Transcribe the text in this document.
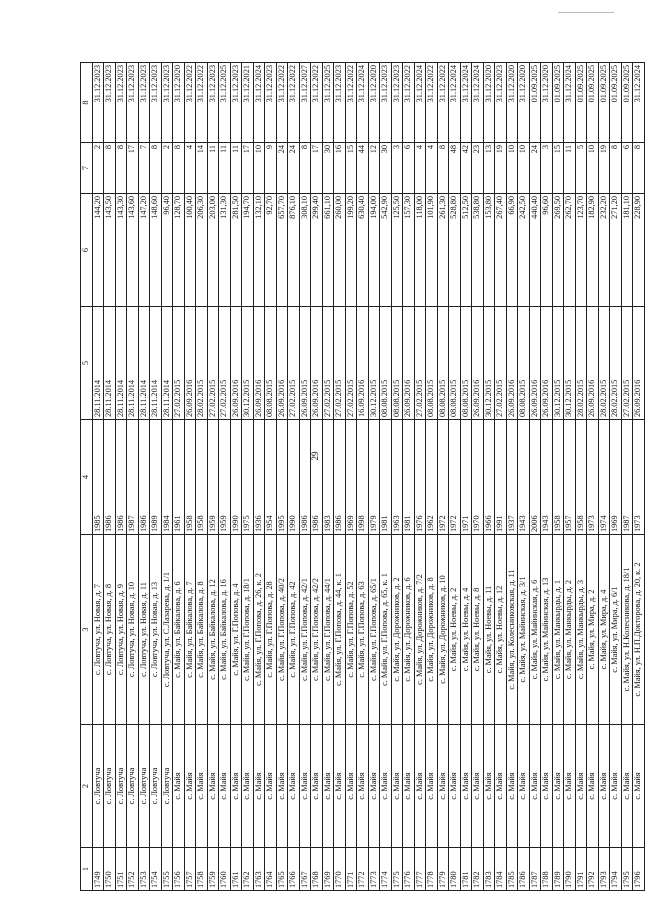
29
1	2	3	4	5	6	7	8
1749	с. Ловтуча	с. Ловтуча, ул. Новая, д. 7	1985	28.11.2014	144,20	2	31.12.2023
1750	с. Ловтуча	с. Ловтуча, ул. Новая, д. 8	1986	28.11.2014	143,50	8	31.12.2023
1751	с. Ловтуча	с. Ловтуча, ул. Новая, д. 9	1986	28.11.2014	143,30	8	31.12.2023
1752	с. Ловтуча	с. Ловтуча, ул. Новая, д. 10	1987	28.11.2014	143,60	17	31.12.2023
1753	с. Ловтуча	с. Ловтуча, ул. Новая, д. 11	1986	28.11.2014	147,20	7	31.12.2023
1754	с. Ловтуча	с. Ловтуча, ул. Новая, д. 13	1989	28.11.2014	148,60	8	31.12.2023
1755	с. Ловтуча	с. Ловтуча, ул. С.Лазарева, д. 1/1	1984	28.11.2014	96,40	2	31.12.2023
1756	с. Майя	с. Майя, ул. Байкалова, д. 6	1961	27.02.2015	128,70	8	31.12.2020
1757	с. Майя	с. Майя, ул. Байкалова, д. 7	1958	26.09.2016	100,40	4	31.12.2022
1758	с. Майя	с. Майя, ул. Байкалова, д. 8	1958	28.02.2015	206,30	14	31.12.2022
1759	с. Майя	с. Майя, ул. Байкалова, д. 12	1959	27.02.2015	203,00	11	31.12.2023
1760	с. Майя	с. Майя, ул. Байкалова, д. 16	1959	27.02.2015	131,30	11	31.12.2025
1761	с. Майя	с. Майя, ул. Г.Попова, д. 4	1990	26.09.2016	281,50	11	31.12.2023
1762	с. Майя	с. Майя, ул. Г.Попова, д. 18/1	1975	30.12.2015	194,70	17	31.12.2021
1763	с. Майя	с. Майя, ул. Г.Попова, д. 26, к. 2	1936	26.09.2016	132,10	10	31.12.2024
1764	с. Майя	с. Майя, ул. Г.Попова, д. 28	1954	08.08.2015	92,70	9	31.12.2023
1765	с. Майя	с. Майя, ул. Г.Попова, д. 40/2	1995	26.09.2016	657,70	24	31.12.2022
1766	с. Майя	с. Майя, ул. Г.Попова, д. 42	1990	27.02.2015	876,10	24	31.12.2022
1767	с. Майя	с. Майя, ул. Г.Попова, д. 42/1	1986	26.09.2015	308,10	8	31.12.2027
1768	с. Майя	с. Майя, ул. Г.Попова, д. 42/2	1986	26.09.2016	299,40	17	31.12.2022
1769	с. Майя	с. Майя, ул. Г.Попова, д. 44/1	1983	27.02.2015	661,10	30	31.12.2025
1770	с. Майя	с. Майя, ул. Г.Попова, д. 44, к. 1	1986	27.02.2015	260,00	16	31.12.2023
1771	с. Майя	с. Майя, ул. Г.Попова, д. 52	1969	27.02.2015	199,20	15	31.12.2022
1772	с. Майя	с. Майя, ул. Г.Попова, д. 63	1998	16.09.2016	630,40	44	31.12.2024
1773	с. Майя	с. Майя, ул. Г.Попова, д. 65/1	1979	30.12.2015	194,00	12	31.12.2020
1774	с. Майя	с. Майя, ул. Г.Попова, д. 65, к. 1	1981	08.08.2015	542,90	30	31.12.2023
1775	с. Майя	с. Майя, ул. Дорожников, д. 2	1963	08.08.2015	125,50	3	31.12.2023
1776	с. Майя	с. Майя, ул. Дорожников, д. 6	1981	26.09.2016	157,30	6	31.12.2022
1777	с. Майя	с. Майя, ул. Дорожников, д. 7/2	1976	27.02.2015	118,00	4	31.12.2024
1778	с. Майя	с. Майя, ул. Дорожников, д. 8	1962	08.08.2015	101,90	4	31.12.2022
1779	с. Майя	с. Майя, ул. Дорожников, д. 10	1972	08.08.2015	261,30	8	31.12.2022
1780	с. Майя	с. Майя, ул. Ноевы, д. 2	1972	08.08.2015	528,80	48	31.12.2024
1781	с. Майя	с. Майя, ул. Ноевы, д. 4	1971	08.08.2015	512,50	42	31.12.2024
1782	с. Майя	с. Майя, ул. Ноевы, д. 8	1970	26.09.2016	538,80	23	31.12.2024
1783	с. Майя	с. Майя, ул. Ноевы, д. 11	1966	30.12.2015	153,80	13	31.12.2020
1784	с. Майя	с. Майя, ул. Ноевы, д. 12	1991	27.02.2015	267,40	19	31.12.2023
1785	с. Майя	с. Майя, ул. Колесниковская, д. 11	1937	26.09.2016	66,90	10	31.12.2020
1786	с. Майя	с. Майя, ул. Майинская, д. 3/1	1943	08.08.2015	242,50	10	31.12.2020
1787	с. Майя	с. Майя, ул. Майинская, д. 6	2006	26.09.2016	440,40	24	01.09.2025
1788	с. Майя	с. Майя, ул. Майинская, д. 13	1943	26.09.2016	96,60	3	31.12.2020
1789	с. Майя	с. Майя, ул. Манкырды, д. 1	1958	30.12.2015	269,50	15	01.09.2025
1790	с. Майя	с. Майя, ул. Манкырды, д. 2	1957	30.12.2015	262,70	11	31.12.2024
1791	с. Майя	с. Майя, ул. Манкырды, д. 3	1958	28.02.2015	123,70	5	01.09.2025
1792	с. Майя	с. Майя, ул. Мира, д. 2	1973	26.09.2016	182,90	10	01.09.2025
1793	с. Майя	с. Майя, ул. Мира, д. 4	1974	28.02.2015	232,20	19	01.09.2025
1794	с. Майя	с. Майя, ул. Мира, д. 6/1	1969	28.02.2015	271,20	8	01.09.2025
1795	с. Майя	с. Майя, ул. Н.Колесникова, д. 18/1	1987	27.02.2015	181,10	6	01.09.2025
1796	с. Майя	с. Майя, ул. Н.П.Докторова, д. 20, к. 2	1973	26.09.2016	228,90	8	31.12.2024
